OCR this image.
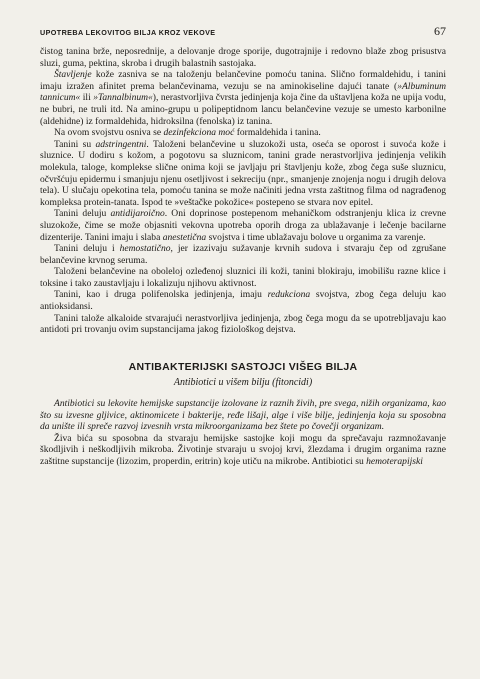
UPOTREBA LEKOVITOG BILJA KROZ VEKOVE	67

čistog tanina brže, neposrednije, a delovanje droge sporije, dugotrajnije i redovno blaže zbog prisustva sluzi, guma, pektina, skroba i drugih balastnih sastojaka.

Štavljenje kože zasniva se na taloženju belančevine pomoću tanina. Slično formaldehidu, i tanini imaju izražen afinitet prema belančevinama, vezuju se na aminokiseline dajući tanate (»Albuminum tannicum« ili »Tannalbinum«), nerastvorljiva čvrsta jedinjenja koja čine da uštavljena koža ne upija vodu, ne bubri, ne truli itd. Na amino-grupu u polipeptidnom lancu belančevine vezuje se umesto karbonilne (aldehidne) iz formaldehida, hidroksilna (fenolska) iz tanina.

Na ovom svojstvu osniva se dezinfekciona moć formaldehida i tanina.

Tanini su adstringentni. Taloženi belančevine u sluzokoži usta, oseća se oporost i suvoća kože i sluznice. U dodiru s kožom, a pogotovu sa sluznicom, tanini grade nerastvorljiva jedinjenja velikih molekula, taloge, komplekse slične onima koji se javljaju pri štavljenju kože, zbog čega suše sluznicu, očvršćuju epidermu i smanjuju njenu osetljivost i sekreciju (npr., smanjenje znojenja nogu i drugih delova tela). U slučaju opekotina tela, pomoću tanina se može načiniti jedna vrsta zaštitnog filma od nagrađenog kompleksa protein-tanata. Ispod te »veštačke pokožice« postepeno se stvara nov epitel.

Tanini deluju antidijaroično. Oni doprinose postepenom mehaničkom odstranjenju klica iz crevne sluzokože, čime se može objasniti vekovna upotreba oporih droga za ublažavanje i lečenje bacilarne dizenterije. Tanini imaju i slaba anestetična svojstva i time ublažavaju bolove u organima za varenje.

Tanini deluju i hemostatično, jer izazivaju sužavanje krvnih sudova i stvaraju čep od zgrušane belančevine krvnog seruma.

Taloženi belančevine na obolelој ozleđenoj sluznici ili koži, tanini blokiraju, imobilišu razne klice i toksine i tako zaustavljaju i lokalizuju njihovu aktivnost.

Tanini, kao i druga polifenolska jedinjenja, imaju redukciona svojstva, zbog čega deluju kao antioksidansi.

Tanini talože alkaloide stvarajući nerastvorljiva jedinjenja, zbog čega mogu da se upotrebljavaju kao antidoti pri trovanju ovim supstancijama jakog fiziološkog dejstva.

ANTIBAKTERIJSKI SASTOJCI VIŠEG BILJA
Antibiotici u višem bilju (fitoncidi)

Antibiotici su lekovite hemijske supstancije izolovane iz raznih živih, pre svega, nižih organizama, kao što su izvesne gljivice, aktinomicete i bakterije, ređe lišaji, alge i više bilje, jedinjenja koja su sposobna da unište ili spreče razvoj izvesnih vrsta mikroorganizama bez štete po čovečji organizam.

Živa bića su sposobna da stvaraju hemijske sastojke koji mogu da sprečavaju razmnožavanje škodljivih i neškodljivih mikroba. Životinje stvaraju u svojoj krvi, žlezdama i drugim organima razne zaštitne supstancije (lizozim, properdin, eritrin) koje utiču na mikrobe. Antibiotici su hemoterapijski
